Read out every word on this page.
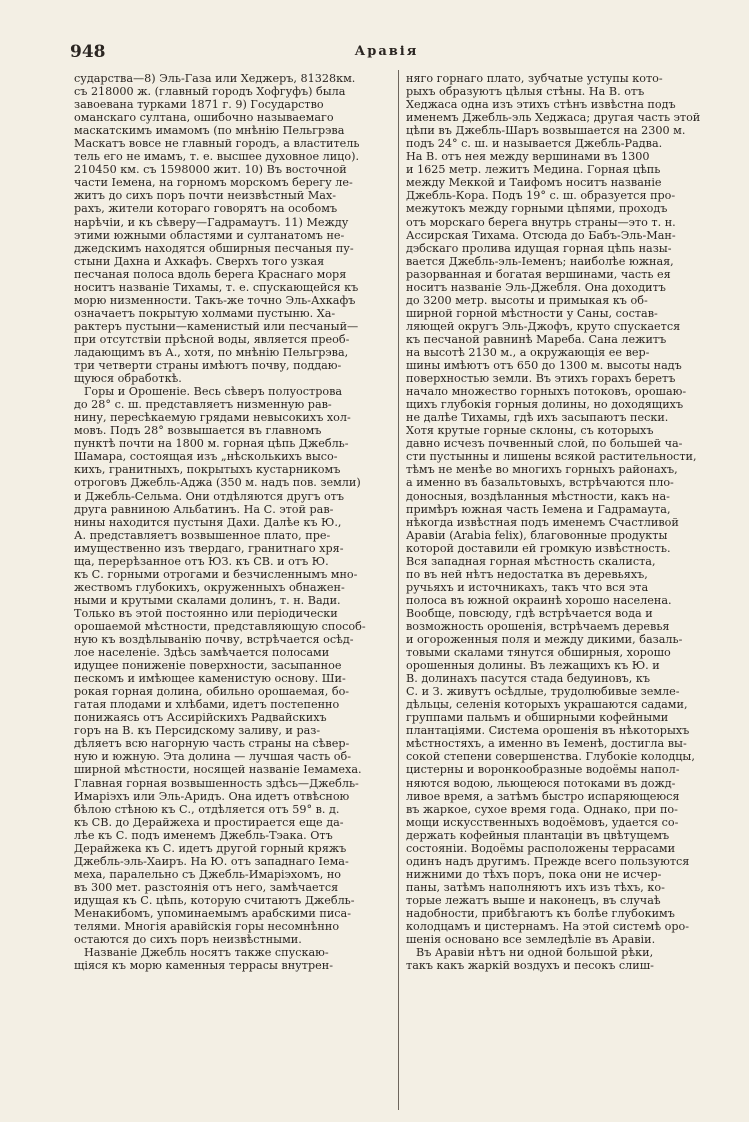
948	Аравія
сударства—8) Эль-Газа или Хеджеръ, 81328км.
съ 218000 ж. (главный городъ Хофгуфъ) была
завоевана турками 1871 г. 9) Государство
оманскаго султана, ошибочно называемаго
маскатскимъ имамомъ (по мнѣнію Пельгрэва
Маскатъ вовсе не главный городъ, а властитель
тель его не имамъ, т. е. высшее духовное лицо).
210450 км. съ 1598000 жит. 10) Въ восточной
части Іемена, на горномъ морскомъ берегу ле-
житъ до сихъ поръ почти неизвѣстный Мах-
рахъ, жители котораго говорятъ на особомъ
нарѣчіи, и къ сѣверу—Гадрамаутъ. 11) Между
этими южными областями и султанатомъ не-
джедскимъ находятся обширныя песчаныя пу-
стыни Дахна и Ахкафъ. Сверхъ того узкая
песчаная полоса вдоль берега Краснаго моря
носитъ названіе Тихамы, т. е. спускающейся къ
морю низменности. Такъ-же точно Эль-Ахкафъ
означаетъ покрытую холмами пустыню. Ха-
рактеръ пустыни—каменистый или песчаный—
при отсутствіи прѣсной воды, является преоб-
ладающимъ въ А., хотя, по мнѣнію Пельгрэва,
три четверти страны имѣютъ почву, поддаю-
щуюся обработкѣ.
Горы и Орошеніе. Весь сѣверъ полуострова
до 28° с. ш. представляетъ низменную рав-
нину, пересѣкаемую грядами невысокихъ хол-
мовъ. Подъ 28° возвышается въ главномъ
пунктѣ почти на 1800 м. горная цѣпь Джебль-
Шамара, состоящая изъ „нѣсколькихъ высо-
кихъ, гранитныхъ, покрытыхъ кустарникомъ
отроговъ Джебль-Аджа (350 м. надъ пов. земли)
и Джебль-Сельма. Они отдѣляются другъ отъ
друга равниною Альбатинъ. На С. этой рав-
нины находится пустыня Дахи. Далѣе къ Ю.,
А. представляетъ возвышенное плато, пре-
имущественно изъ твердаго, гранитнаго хря-
ща, перерѣзанное отъ ЮЗ. къ СВ. и отъ Ю.
къ С. горными отрогами и безчисленнымъ мно-
жествомъ глубокихъ, окруженныхъ обнажен-
ными и крутыми скалами долинъ, т. н. Вади.
Только въ этой постоянно или періодически
орошаемой мѣстности, представляющую способ-
ную къ воздѣлыванію почву, встрѣчается осѣд-
лое населеніе. Здѣсь замѣчается полосами
идущее пониженіе поверхности, засыпанное
пескомъ и имѣющее каменистую основу. Ши-
рокая горная долина, обильно орошаемая, бо-
гатая плодами и хлѣбами, идетъ постепенно
понижаясь отъ Ассирійскихъ Радвайскихъ
горъ на В. къ Персидскому заливу, и раз-
дѣляетъ всю нагорную часть страны на сѣвер-
ную и южную. Эта долина — лучшая часть об-
ширной мѣстности, носящей названіе Іемамеха.
Главная горная возвышенность здѣсь—Джебль-
Имаріэхъ или Эль-Аридъ. Она идетъ отвѣсною
бѣлою стѣною къ С., отдѣляется отъ 59° в. д.
къ СВ. до Дерайжеха и простирается еще да-
лѣе къ С. подъ именемъ Джебль-Тэака. Отъ
Дерайжека къ С. идетъ другой горный кряжъ
Джебль-эль-Хаиръ. На Ю. отъ западнаго Іема-
меха, паралельно съ Джебль-Имаріэхомъ, но
въ 300 мет. разстоянія отъ него, замѣчается
идущая къ С. цѣпь, которую считаютъ Джебль-
Менакибомъ, упоминаемымъ арабскими писа-
телями. Многія аравійскія горы несомнѣнно
остаются до сихъ поръ неизвѣстными.
Названіе Джебль носятъ также спускаю-
щіяся къ морю каменныя террасы внутрен-
няго горнаго плато, зубчатые уступы кото-
рыхъ образуютъ цѣлыя стѣны. На В. отъ
Хеджаса одна изъ этихъ стѣнъ извѣстна подъ
именемъ Джебль-эль Хеджаса; другая часть этой
цѣпи въ Джебль-Шаръ возвышается на 2300 м.
подъ 24° с. ш. и называется Джебль-Радва.
На В. отъ нея между вершинами въ 1300
и 1625 метр. лежитъ Медина. Горная цѣпь
между Меккой и Таифомъ носитъ названіе
Джебль-Кора. Подъ 19° с. ш. образуется про-
межутокъ между горными цѣпями, проходъ
отъ морскаго берега внутрь страны—это т. н.
Ассирская Тихама. Отсюда до Бабъ-Эль-Ман-
дэбскаго пролива идущая горная цѣпь назы-
вается Джебль-эль-Іеменъ; наиболѣе южная,
разорванная и богатая вершинами, часть ея
носитъ названіе Эль-Джебля. Она доходитъ
до 3200 метр. высоты и примыкая къ об-
ширной горной мѣстности у Саны, состав-
ляющей округъ Эль-Джофъ, круто спускается
къ песчаной равнинѣ Мареба. Сана лежитъ
на высотѣ 2130 м., а окружающія ее вер-
шины имѣютъ отъ 650 до 1300 м. высоты надъ
поверхностью земли. Въ этихъ горахъ беретъ
начало множество горныхъ потоковъ, орошаю-
щихъ глубокія горныя долины, но доходящихъ
не далѣе Тихамы, гдѣ ихъ засыпаютъ пески.
Хотя крутые горные склоны, съ которыхъ
давно исчезъ почвенный слой, по большей ча-
сти пустынны и лишены всякой растительности,
тѣмъ не менѣе во многихъ горныхъ районахъ,
а именно въ базальтовыхъ, встрѣчаются пло-
доносныя, воздѣланныя мѣстности, какъ на-
примѣръ южная часть Іемена и Гадрамаута,
нѣкогда извѣстная подъ именемъ Счастливой
Аравіи (Arabia felix), благовонные продукты
которой доставили ей громкую извѣстность.
Вся западная горная мѣстность скалиста,
по въ ней нѣтъ недостатка въ деревьяхъ,
ручьяхъ и источникахъ, такъ что вся эта
полоса въ южной окраинѣ хорошо населена.
Вообще, повсюду, гдѣ встрѣчается вода и
возможность орошенія, встрѣчаемъ деревья
и огороженныя поля и между дикими, базаль-
товыми скалами тянутся обширныя, хорошо
орошенныя долины. Въ лежащихъ къ Ю. и
В. долинахъ пасутся стада бедуиновъ, къ
С. и З. живутъ осѣдлые, трудолюбивые земле-
дѣльцы, селенія которыхъ украшаются садами,
группами пальмъ и обширными кофейными
плантаціями. Система орошенія въ нѣкоторыхъ
мѣстностяхъ, а именно въ Іеменѣ, достигла вы-
сокой степени совершенства. Глубокіе колодцы,
цистерны и воронкообразные водоёмы напол-
няются водою, льющеюся потоками въ дожд-
ливое время, а затѣмъ быстро испаряющеюся
въ жаркое, сухое время года. Однако, при по-
мощи искусственныхъ водоёмовъ, удается со-
держать кофейныя плантаціи въ цвѣтущемъ
состояніи. Водоёмы расположены террасами
одинъ надъ другимъ. Прежде всего пользуются
нижними до тѣхъ поръ, пока они не исчер-
паны, затѣмъ наполняютъ ихъ изъ тѣхъ, ко-
торые лежатъ выше и наконецъ, въ случаѣ
надобности, прибѣгаютъ къ болѣе глубокимъ
колодцамъ и цистернамъ. На этой системѣ оро-
шенія основано все земледѣліе въ Аравіи.
Въ Аравіи нѣтъ ни одной большой рѣки,
такъ какъ жаркій воздухъ и песокъ слиш-
